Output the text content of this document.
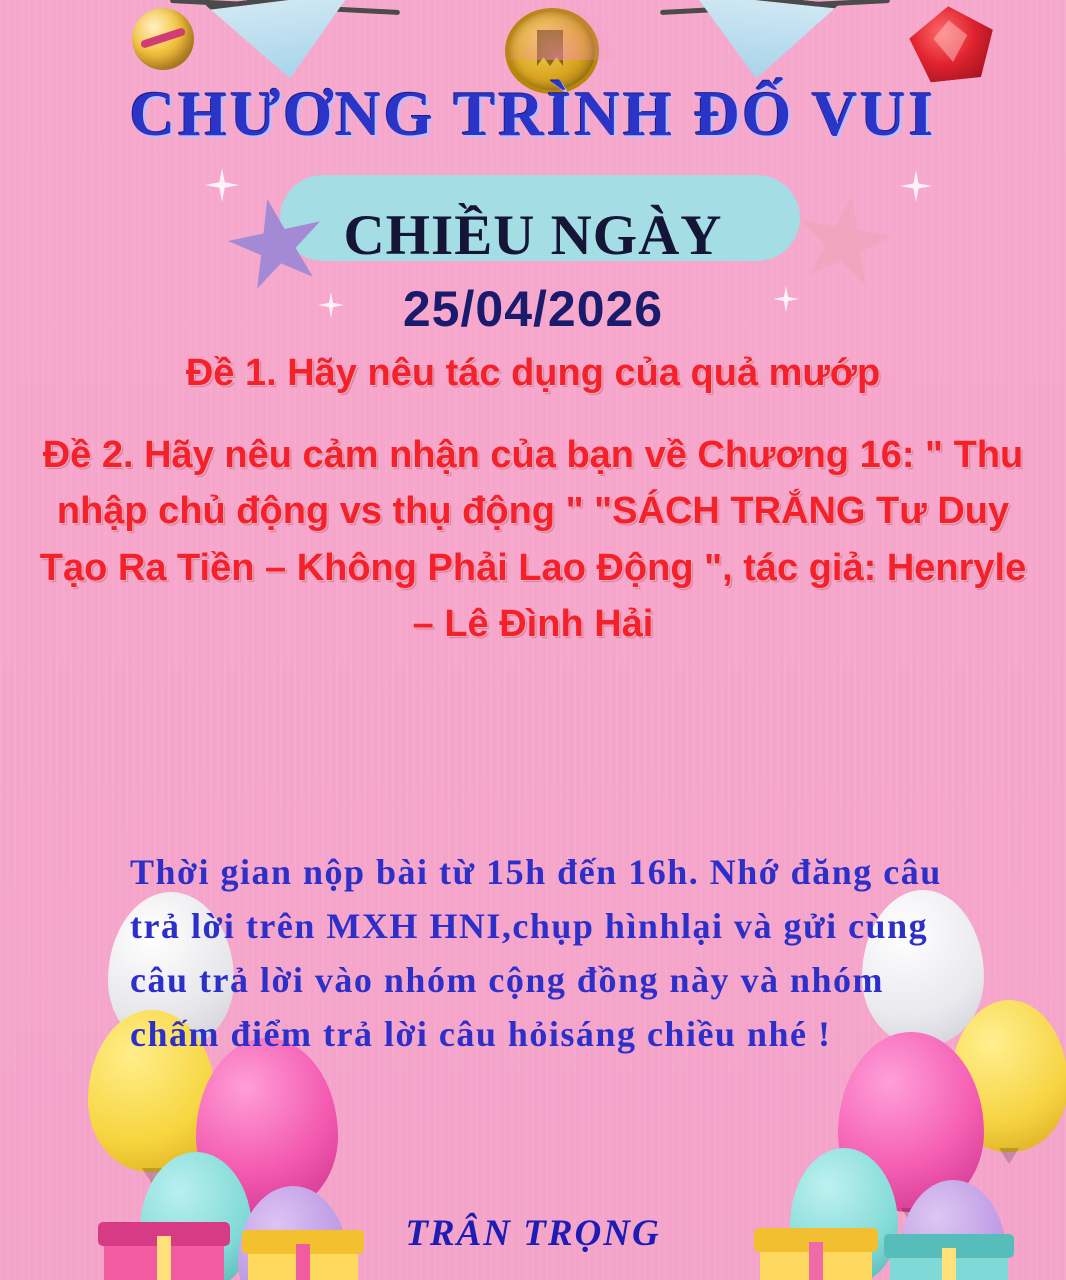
CHƯƠNG TRÌNH ĐỐ VUI
CHIỀU NGÀY
25/04/2026
Đề 1. Hãy nêu tác dụng của quả mướp
Đề 2. Hãy nêu cảm nhận của bạn về Chương 16: " Thu nhập chủ động vs thụ động " "SÁCH TRẮNG Tư Duy Tạo Ra Tiền – Không Phải Lao Động ", tác giả: Henryle – Lê Đình Hải
Thời gian nộp bài từ 15h đến 16h. Nhớ đăng câu trả lời trên MXH HNI,chụp hìnhlại và gửi cùng câu trả lời vào nhóm cộng đồng này và nhóm chấm điểm trả lời câu hỏisáng chiều nhé !
TRÂN TRỌNG
